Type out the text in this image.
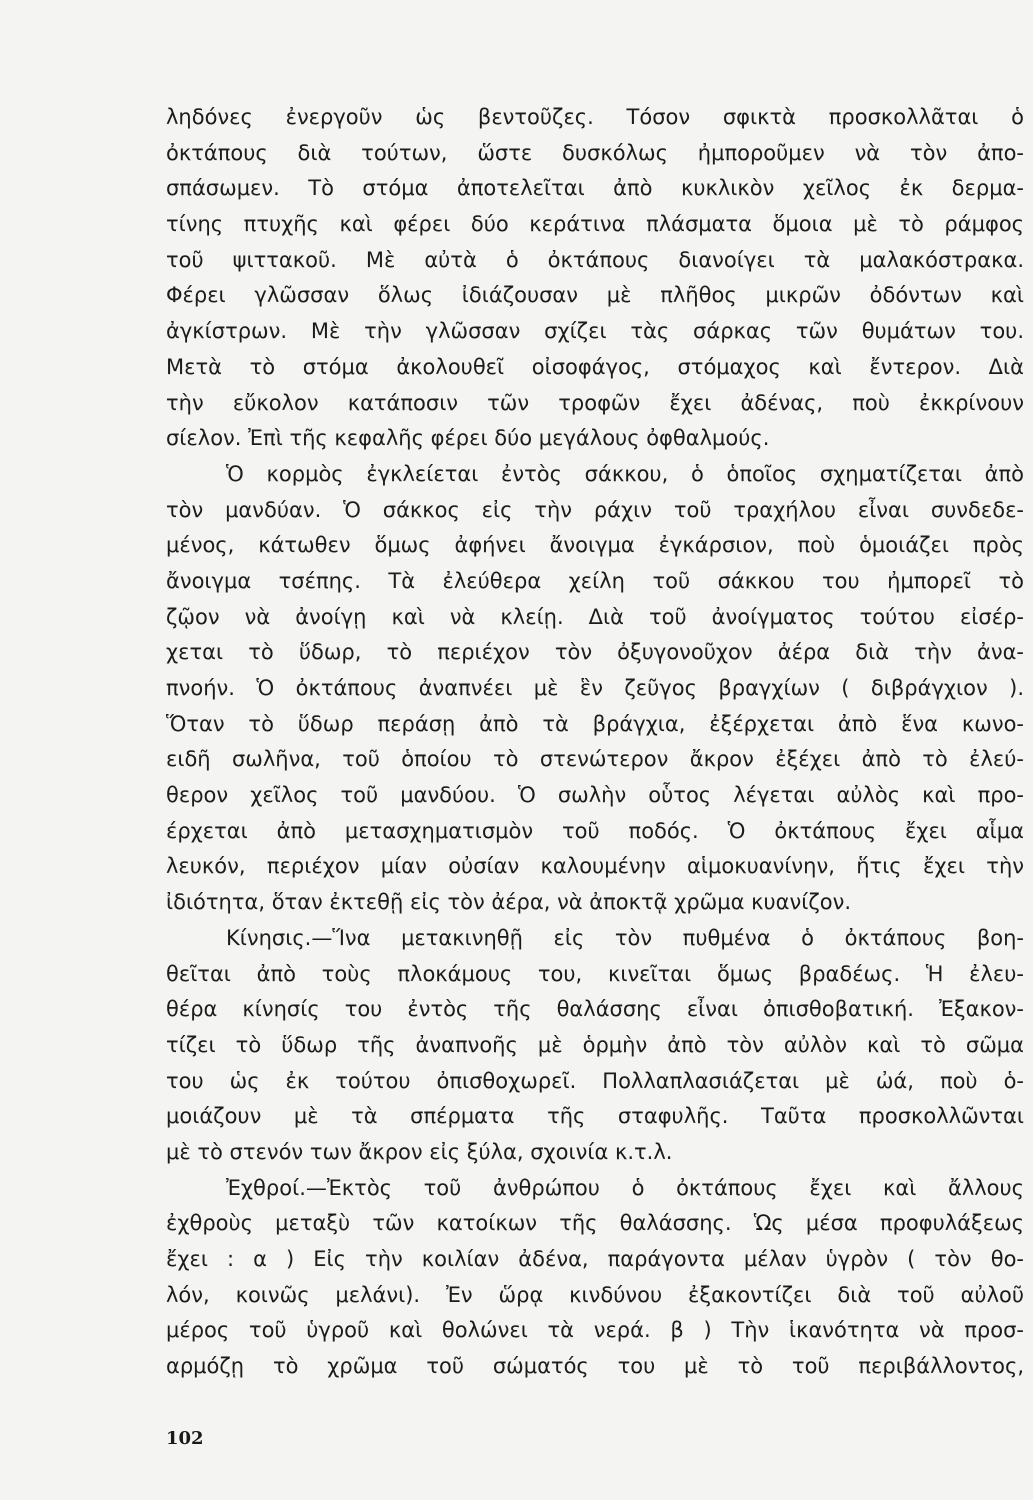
ληδόνες ἐνεργοῦν ὡς βεντοῦζες. Τόσον σφικτὰ προσκολλᾶται ὁ
ὀκτάπους διὰ τούτων, ὥστε δυσκόλως ἠμποροῦμεν νὰ τὸν ἀπο-
σπάσωμεν. Τὸ στόμα ἀποτελεῖται ἀπὸ κυκλικὸν χεῖλος ἐκ δερμα-
τίνης πτυχῆς καὶ φέρει δύο κεράτινα πλάσματα ὅμοια μὲ τὸ ράμφος
τοῦ ψιττακοῦ. Μὲ αὐτὰ ὁ ὀκτάπους διανοίγει τὰ μαλακόστρακα.
Φέρει γλῶσσαν ὅλως ἰδιάζουσαν μὲ πλῆθος μικρῶν ὀδόντων καὶ
ἀγκίστρων. Μὲ τὴν γλῶσσαν σχίζει τὰς σάρκας τῶν θυμάτων του.
Μετὰ τὸ στόμα ἀκολουθεῖ οἰσοφάγος, στόμαχος καὶ ἔντερον. Διὰ
τὴν εὔκολον κατάποσιν τῶν τροφῶν ἔχει ἀδένας, ποὺ ἐκκρίνουν
σίελον. Ἐπὶ τῆς κεφαλῆς φέρει δύο μεγάλους ὀφθαλμούς.
Ὁ κορμὸς ἐγκλείεται ἐντὸς σάκκου, ὁ ὁποῖος σχηματίζεται ἀπὸ
τὸν μανδύαν. Ὁ σάκκος εἰς τὴν ράχιν τοῦ τραχήλου εἶναι συνδεδε-
μένος, κάτωθεν ὅμως ἀφήνει ἄνοιγμα ἐγκάρσιον, ποὺ ὁμοιάζει πρὸς
ἄνοιγμα τσέπης. Τὰ ἐλεύθερα χείλη τοῦ σάκκου του ἠμπορεῖ τὸ
ζῷον νὰ ἀνοίγῃ καὶ νὰ κλείῃ. Διὰ τοῦ ἀνοίγματος τούτου εἰσέρ-
χεται τὸ ὕδωρ, τὸ περιέχον τὸν ὀξυγονοῦχον ἀέρα διὰ τὴν ἀνα-
πνοήν. Ὁ ὀκτάπους ἀναπνέει μὲ ἓν ζεῦγος βραγχίων ( διβράγχιον ).
Ὅταν τὸ ὕδωρ περάσῃ ἀπὸ τὰ βράγχια, ἐξέρχεται ἀπὸ ἕνα κωνο-
ειδῆ σωλῆνα, τοῦ ὁποίου τὸ στενώτερον ἄκρον ἐξέχει ἀπὸ τὸ ἐλεύ-
θερον χεῖλος τοῦ μανδύου. Ὁ σωλὴν οὗτος λέγεται αὐλὸς καὶ προ-
έρχεται ἀπὸ μετασχηματισμὸν τοῦ ποδός. Ὁ ὀκτάπους ἔχει αἷμα
λευκόν, περιέχον μίαν οὐσίαν καλουμένην αἱμοκυανίνην, ἥτις ἔχει τὴν
ἰδιότητα, ὅταν ἐκτεθῇ εἰς τὸν ἀέρα, νὰ ἀποκτᾷ χρῶμα κυανίζον.
Κίνησις.—Ἵνα μετακινηθῇ εἰς τὸν πυθμένα ὁ ὀκτάπους βοη-
θεῖται ἀπὸ τοὺς πλοκάμους του, κινεῖται ὅμως βραδέως. Ἡ ἐλευ-
θέρα κίνησίς του ἐντὸς τῆς θαλάσσης εἶναι ὀπισθοβατική. Ἐξακον-
τίζει τὸ ὕδωρ τῆς ἀναπνοῆς μὲ ὁρμὴν ἀπὸ τὸν αὐλὸν καὶ τὸ σῶμα
του ὡς ἐκ τούτου ὀπισθοχωρεῖ. Πολλαπλασιάζεται μὲ ὠά, ποὺ ὁ-
μοιάζουν μὲ τὰ σπέρματα τῆς σταφυλῆς. Ταῦτα προσκολλῶνται
μὲ τὸ στενόν των ἄκρον εἰς ξύλα, σχοινία κ.τ.λ.
Ἐχθροί.—Ἐκτὸς τοῦ ἀνθρώπου ὁ ὀκτάπους ἔχει καὶ ἄλλους
ἐχθροὺς μεταξὺ τῶν κατοίκων τῆς θαλάσσης. Ὡς μέσα προφυλάξεως
ἔχει : α ) Εἰς τὴν κοιλίαν ἀδένα, παράγοντα μέλαν ὑγρὸν ( τὸν θο-
λόν, κοινῶς μελάνι). Ἐν ὥρᾳ κινδύνου ἐξακοντίζει διὰ τοῦ αὐλοῦ
μέρος τοῦ ὑγροῦ καὶ θολώνει τὰ νερά. β ) Τὴν ἱκανότητα νὰ προσ-
αρμόζῃ τὸ χρῶμα τοῦ σώματός του μὲ τὸ τοῦ περιβάλλοντος,
102
